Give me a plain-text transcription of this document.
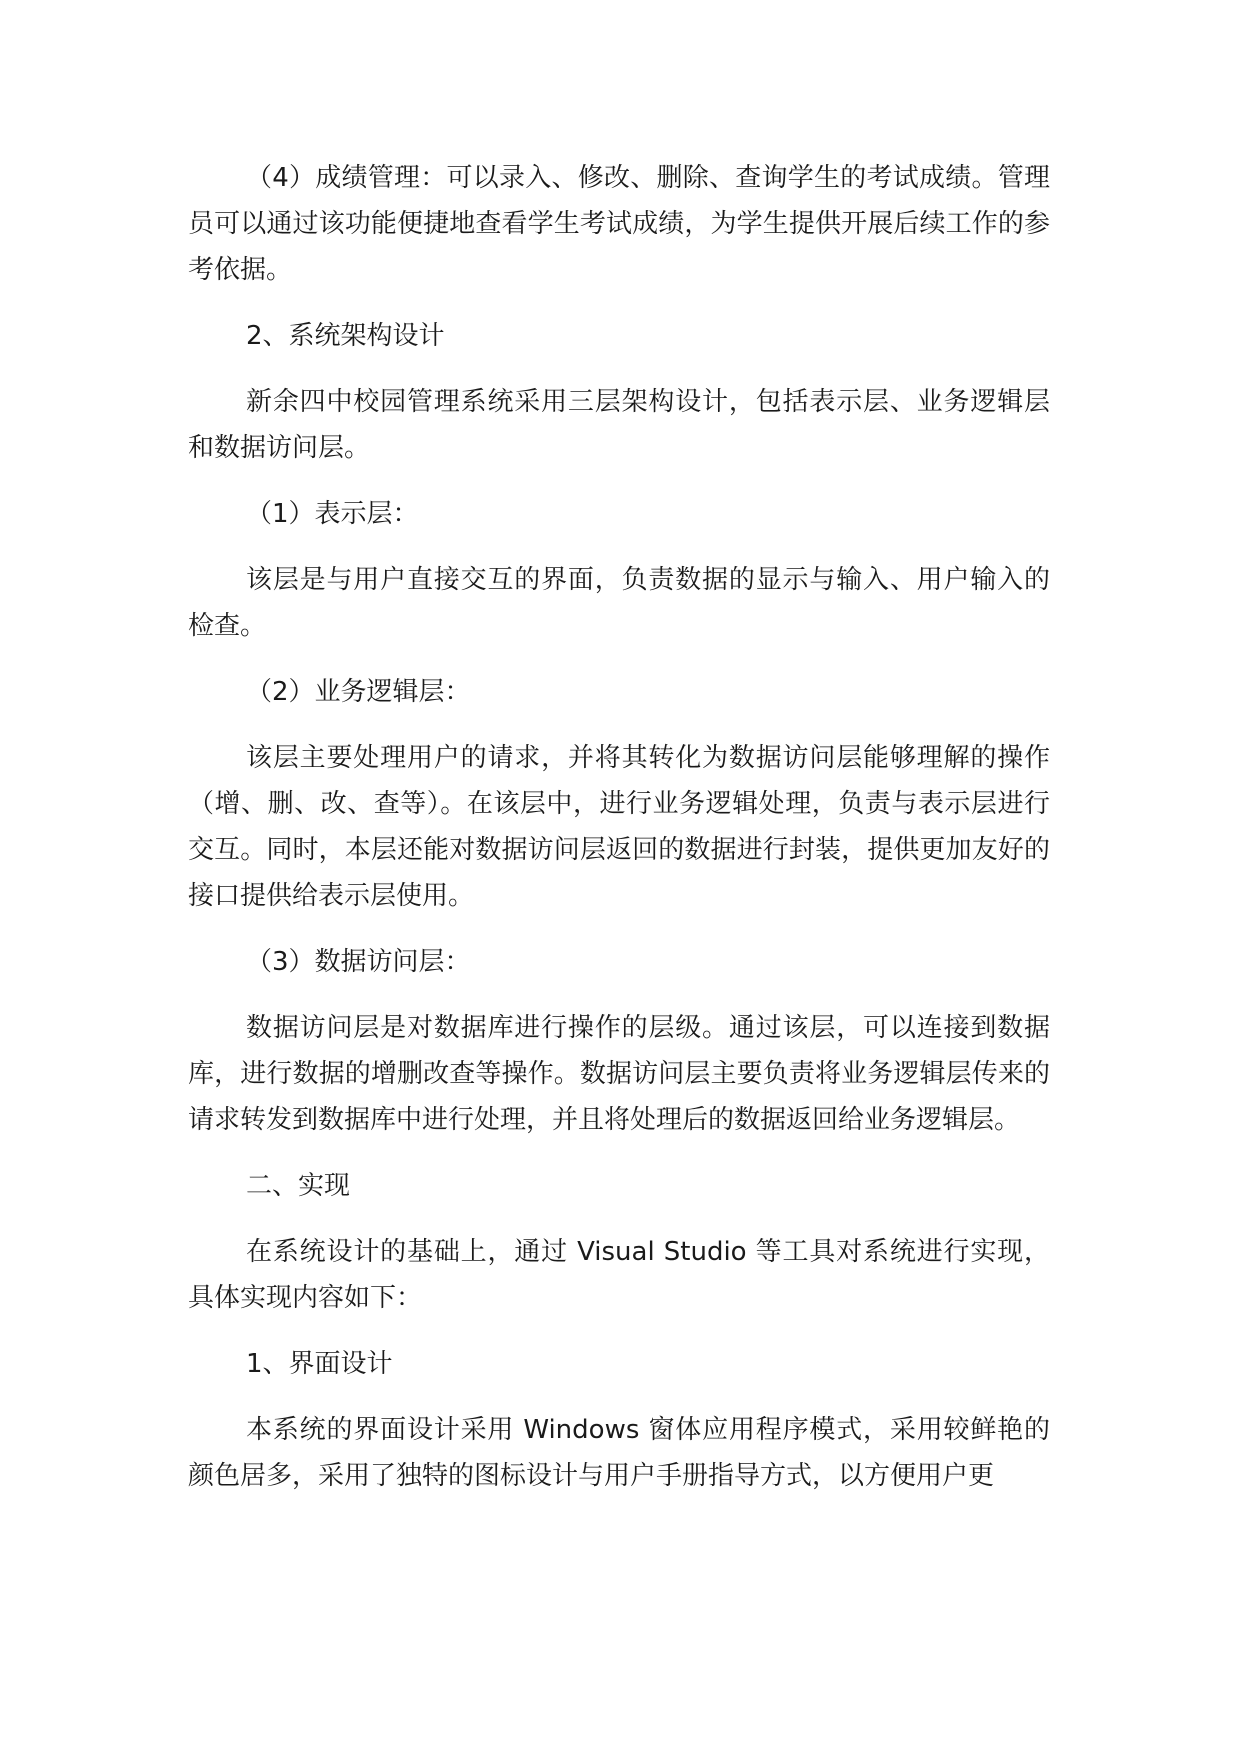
（4）成绩管理：可以录入、修改、删除、查询学生的考试成绩。管理员可以通过该功能便捷地查看学生考试成绩，为学生提供开展后续工作的参考依据。

2、系统架构设计

新余四中校园管理系统采用三层架构设计，包括表示层、业务逻辑层和数据访问层。

（1）表示层：

该层是与用户直接交互的界面，负责数据的显示与输入、用户输入的检查。

（2）业务逻辑层：

该层主要处理用户的请求，并将其转化为数据访问层能够理解的操作（增、删、改、查等）。在该层中，进行业务逻辑处理，负责与表示层进行交互。同时，本层还能对数据访问层返回的数据进行封装，提供更加友好的接口提供给表示层使用。

（3）数据访问层：

数据访问层是对数据库进行操作的层级。通过该层，可以连接到数据库，进行数据的增删改查等操作。数据访问层主要负责将业务逻辑层传来的请求转发到数据库中进行处理，并且将处理后的数据返回给业务逻辑层。

二、实现

在系统设计的基础上，通过 Visual Studio 等工具对系统进行实现，具体实现内容如下：

1、界面设计

本系统的界面设计采用 Windows 窗体应用程序模式，采用较鲜艳的颜色居多，采用了独特的图标设计与用户手册指导方式，以方便用户更
